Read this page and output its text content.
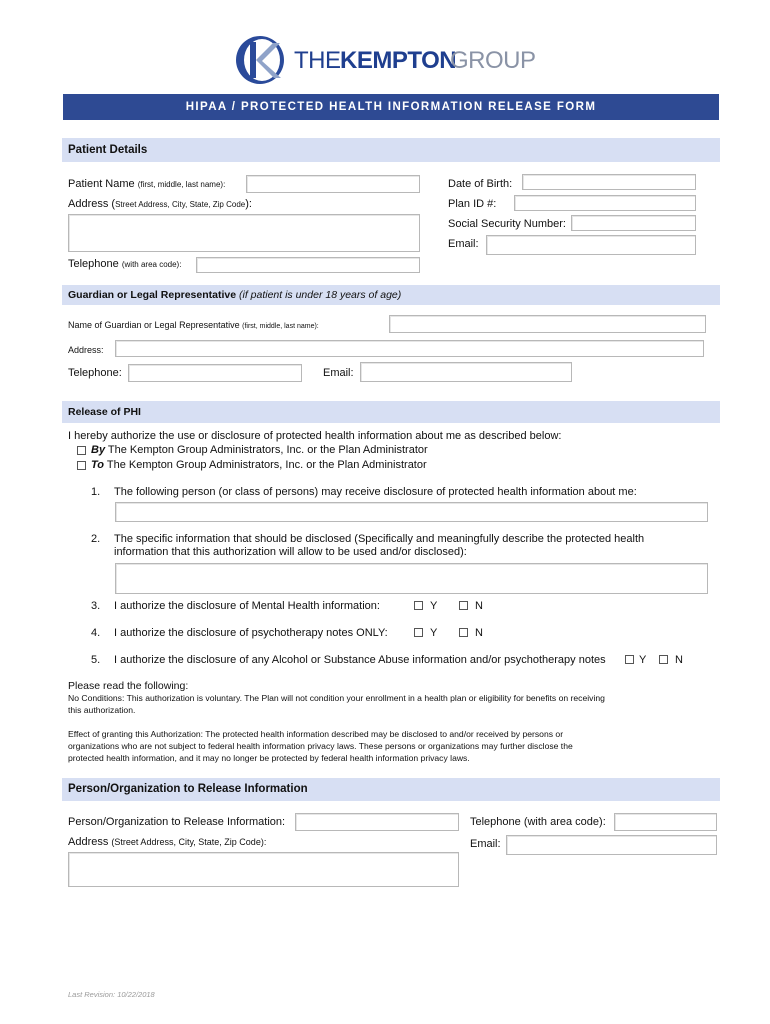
THE KEMPTON
GROUP
HIPAA / PROTECTED HEALTH INFORMATION RELEASE FORM
Patient Details
Patient Name (first, middle, last name):
Address (Street Address, City, State, Zip Code):
Telephone (with area code):
Date of Birth:
Plan ID #:
Social Security Number:
Email:
Guardian or Legal Representative (if patient is under 18 years of age)
Name of Guardian or Legal Representative (first, middle, last name):
Address:
Telephone:	Email:
Release of PHI
I hereby authorize the use or disclosure of protected health information about me as described below:
By The Kempton Group Administrators, Inc. or the Plan Administrator
To The Kempton Group Administrators, Inc. or the Plan Administrator
1. The following person (or class of persons) may receive disclosure of protected health information about me:
2. The specific information that should be disclosed (Specifically and meaningfully describe the protected health
information that this authorization will allow to be used and/or disclosed):
3. I authorize the disclosure of Mental Health information:	Y	N
4. I authorize the disclosure of psychotherapy notes ONLY:	Y	N
5. I authorize the disclosure of any Alcohol or Substance Abuse information and/or psychotherapy notes	Y	N
Please read the following:
No Conditions: This authorization is voluntary. The Plan will not condition your enrollment in a health plan or eligibility for benefits on receiving
this authorization.
Effect of granting this Authorization: The protected health information described may be disclosed to and/or received by persons or
organizations who are not subject to federal health information privacy laws. These persons or organizations may further disclose the
protected health information, and it may no longer be protected by federal health information privacy laws.
Person/Organization to Release Information
Person/Organization to Release Information:
Address (Street Address, City, State, Zip Code):
Telephone (with area code):
Email:
Last Revision: 10/22/2018
